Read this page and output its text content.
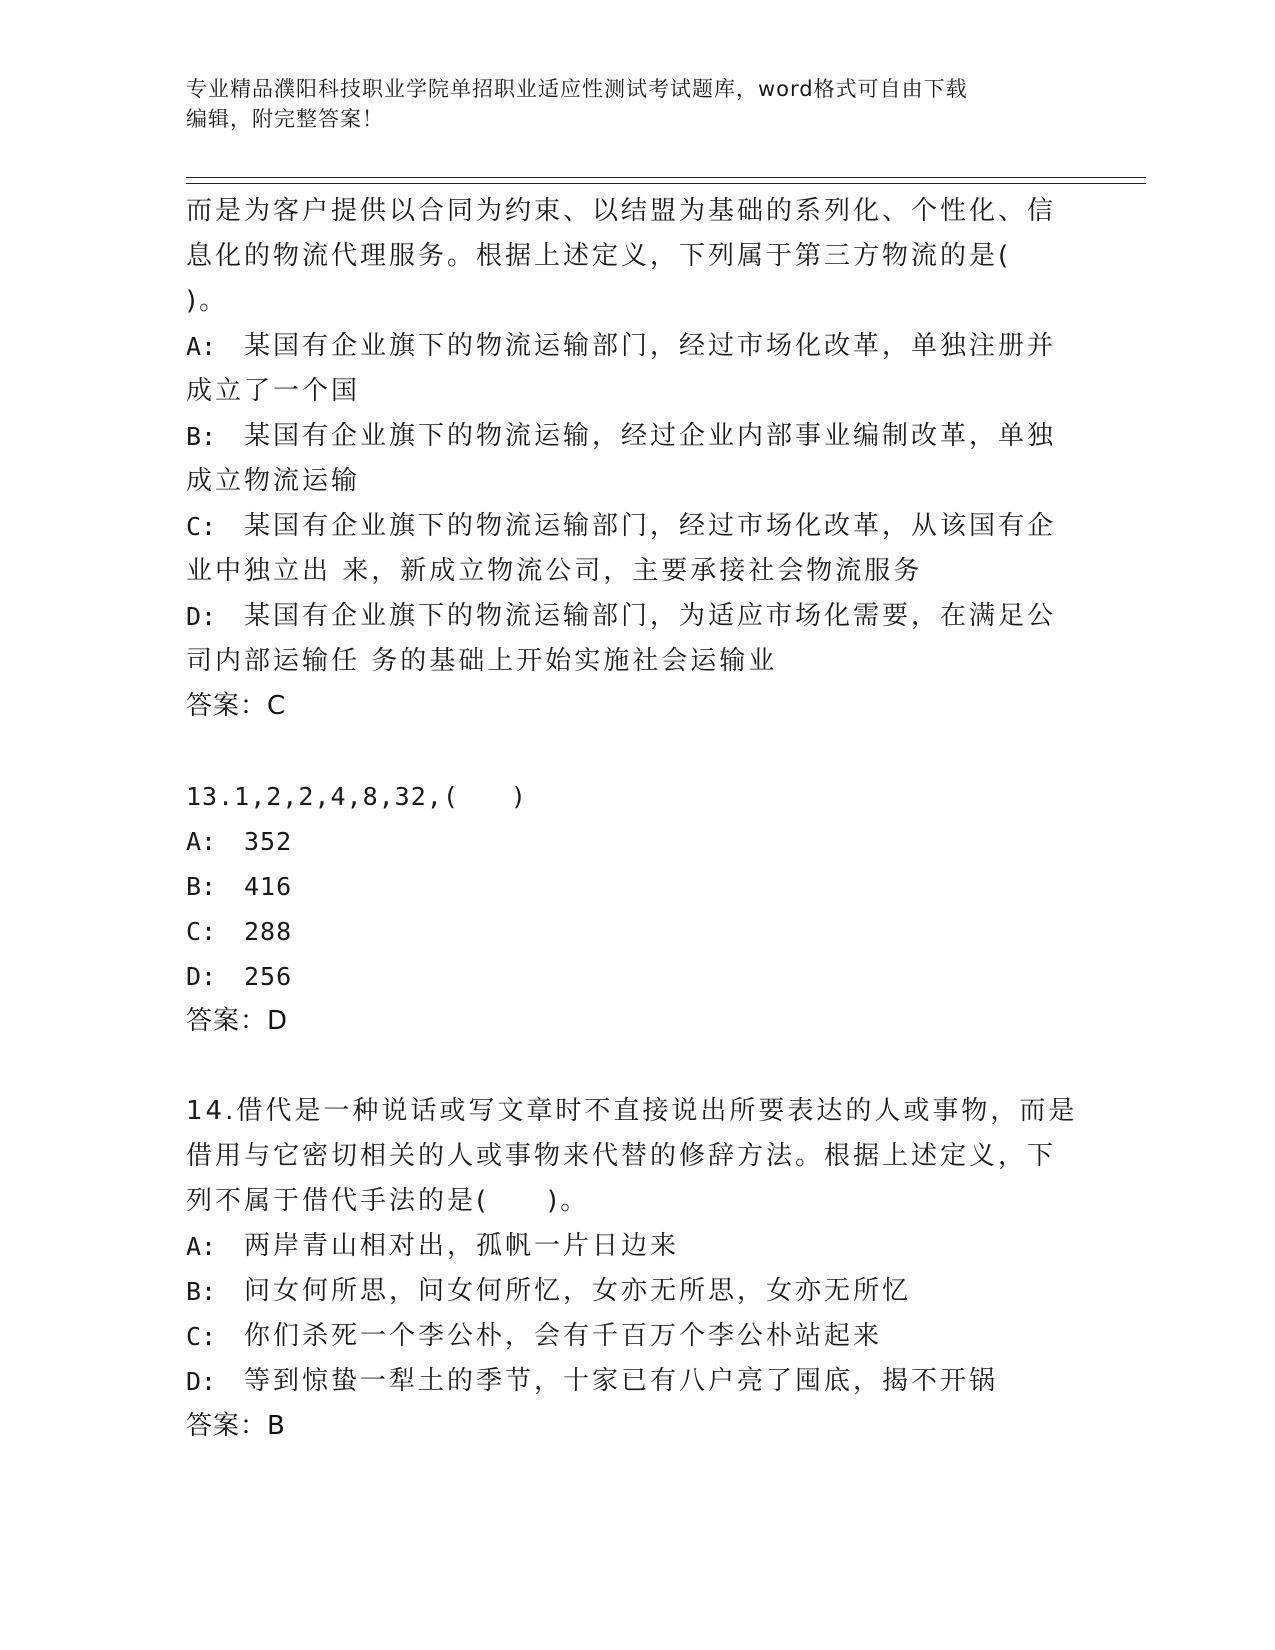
专业精品濮阳科技职业学院单招职业适应性测试考试题库，word格式可自由下载
编辑，附完整答案！
而是为客户提供以合同为约束、以结盟为基础的系列化、个性化、信
息化的物流代理服务。根据上述定义，下列属于第三方物流的是(
)。
A:	某国有企业旗下的物流运输部门，经过市场化改革，单独注册并
成立了一个国
B:	某国有企业旗下的物流运输，经过企业内部事业编制改革，单独
成立物流运输
C:	某国有企业旗下的物流运输部门，经过市场化改革，从该国有企
业中独立出 来，新成立物流公司，主要承接社会物流服务
D:	某国有企业旗下的物流运输部门，为适应市场化需要，在满足公
司内部运输任 务的基础上开始实施社会运输业
答案：C
13.1,2,2,4,8,32,(　　)
A:	352
B:	416
C:	288
D:	256
答案：D
14.借代是一种说话或写文章时不直接说出所要表达的人或事物，而是
借用与它密切相关的人或事物来代替的修辞方法。根据上述定义，下
列不属于借代手法的是(　　)。
A:	两岸青山相对出，孤帆一片日边来
B:	问女何所思，问女何所忆，女亦无所思，女亦无所忆
C:	你们杀死一个李公朴，会有千百万个李公朴站起来
D:	等到惊蛰一犁土的季节，十家已有八户亮了囤底，揭不开锅
答案：B
